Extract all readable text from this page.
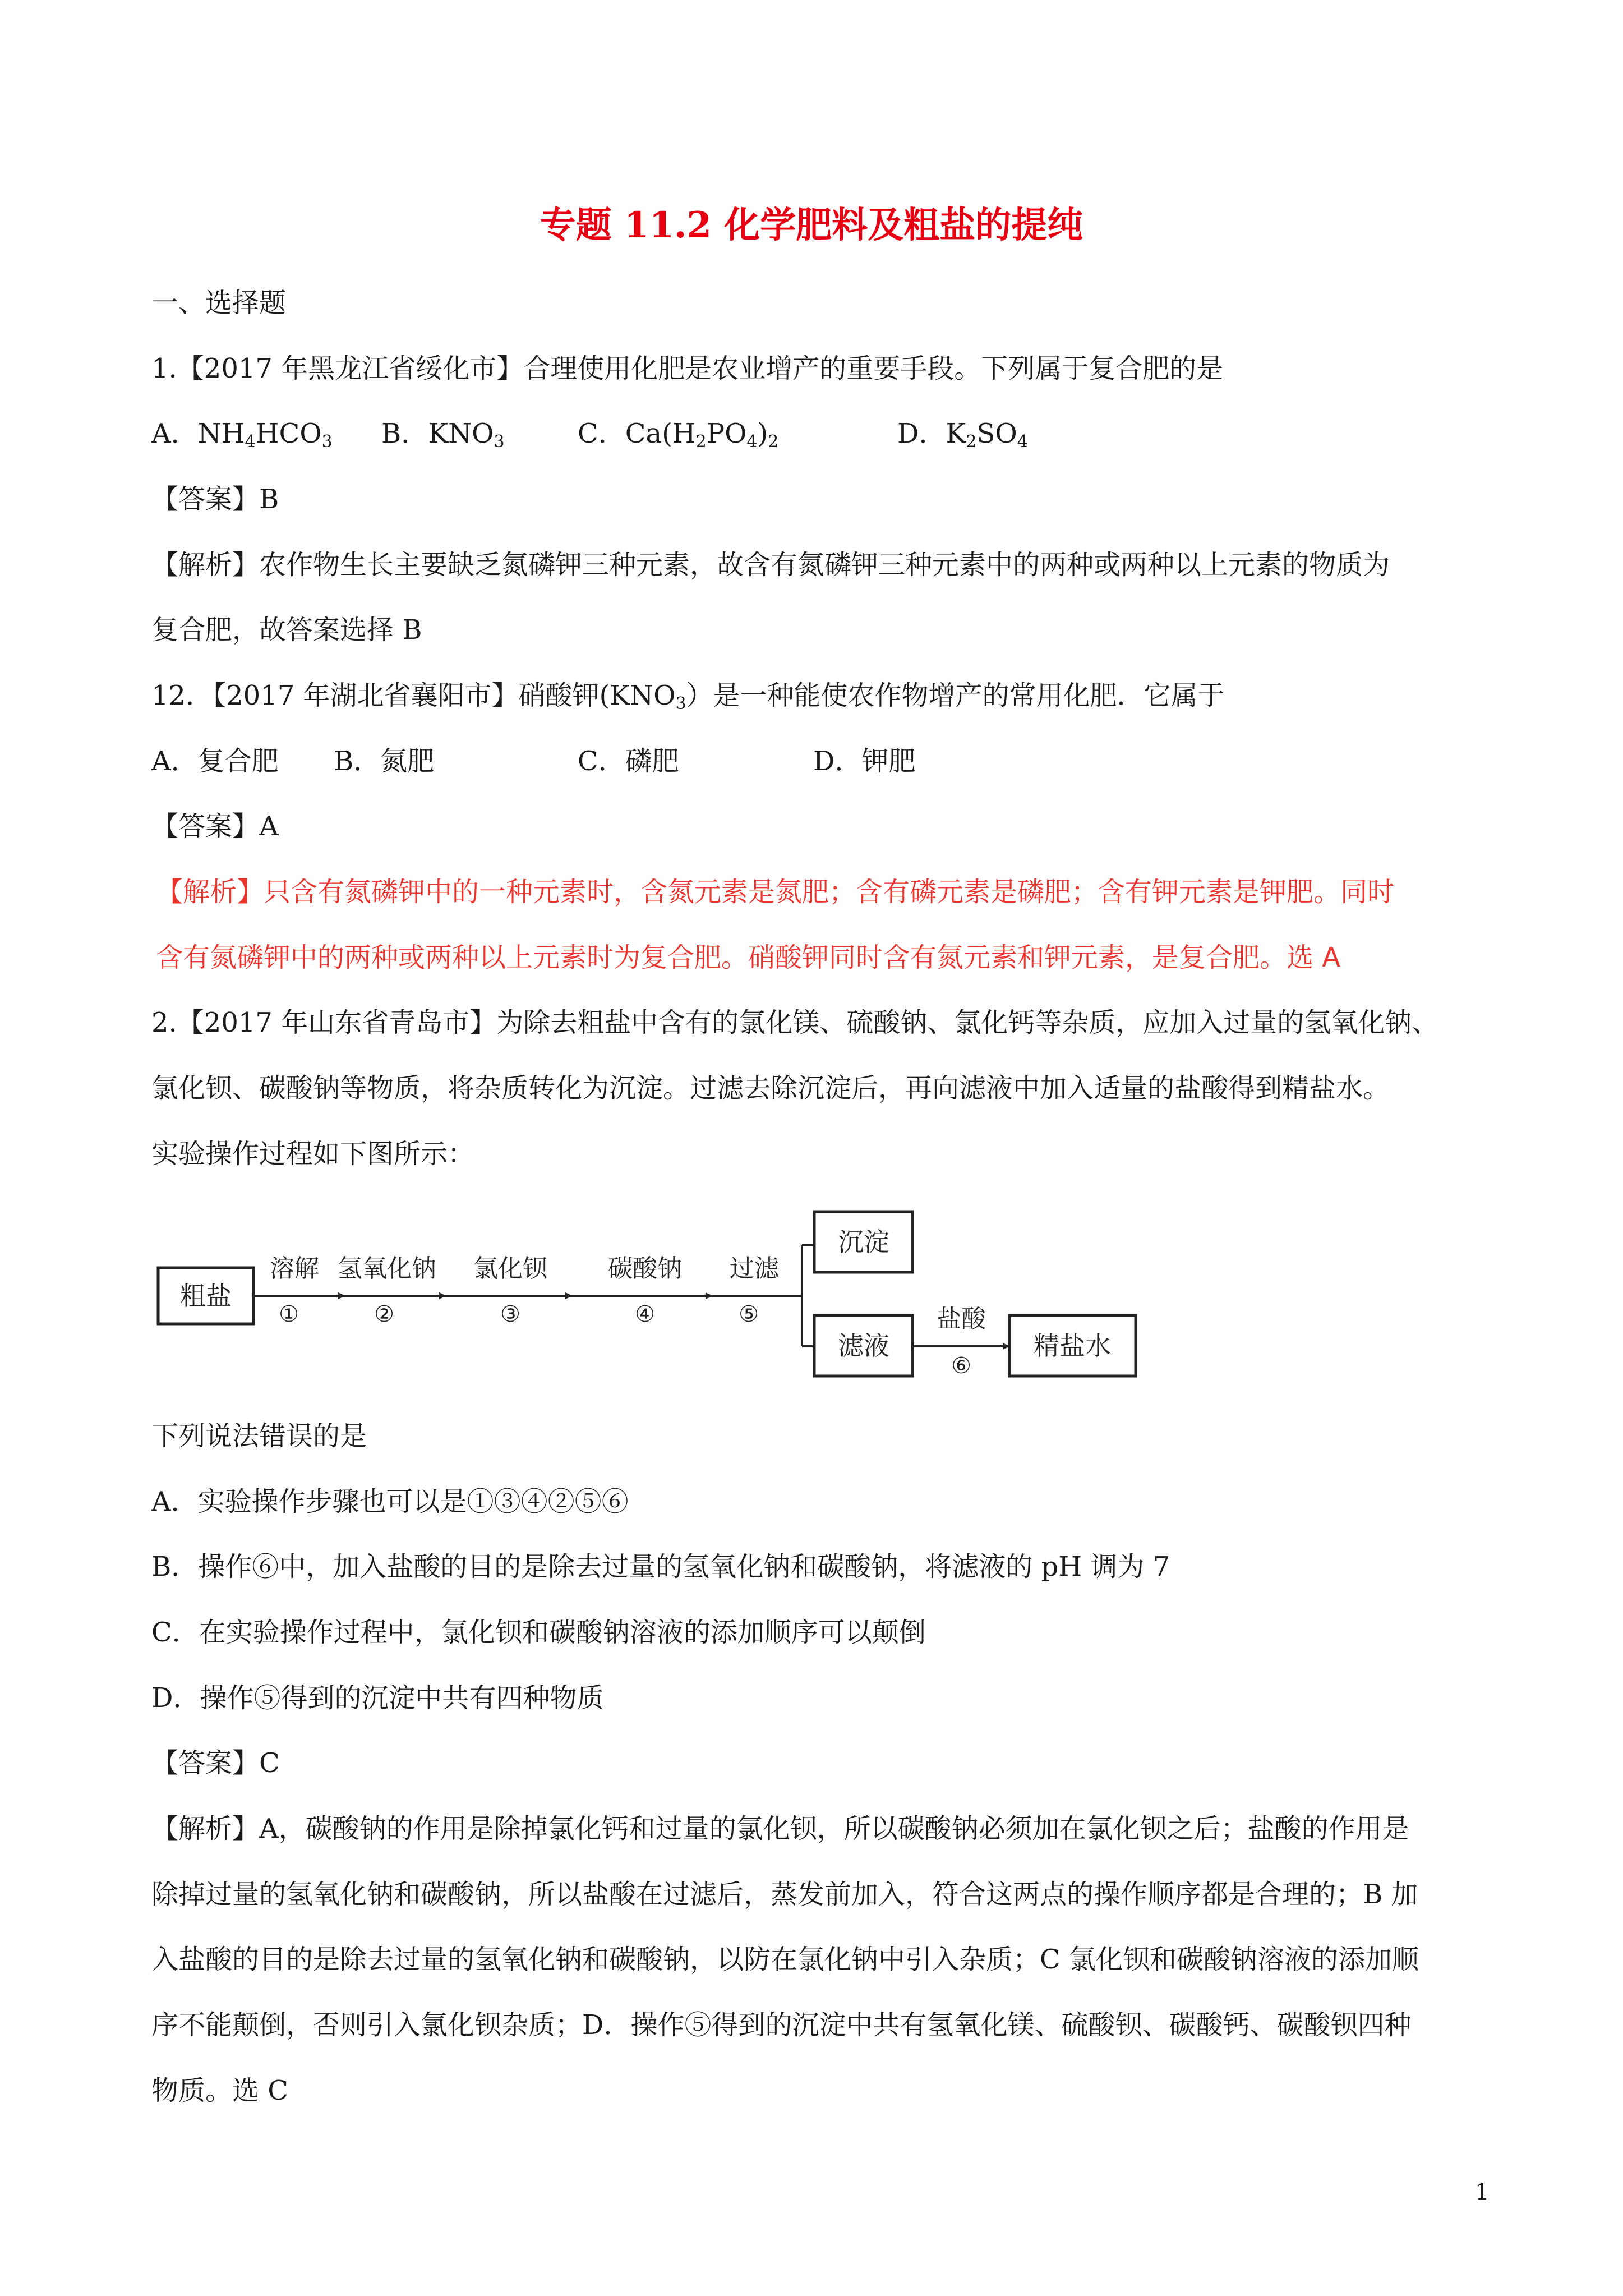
专题 11.2 化学肥料及粗盐的提纯
一、选择题
1.【2017 年黑龙江省绥化市】合理使用化肥是农业增产的重要手段。下列属于复合肥的是
A．$NH_4HCO_3$ B．$KNO_3$	C．$Ca(H_2PO_4)_2$	D．$K_2SO_4$
【答案】B
【解析】农作物生长主要缺乏氮磷钾三种元素，故含有氮磷钾三种元素中的两种或两种以上元素的物质为
复合肥，故答案选择 B
12．【2017 年湖北省襄阳市】硝酸钾$(KNO_3)$是一种能使农作物增产的常用化肥．它属于
A．复合肥 B．氮肥	C．磷肥	D．钾肥
【答案】A
【解析】只含有氮磷钾中的一种元素时，含氮元素是氮肥；含有磷元素是磷肥；含有钾元素是钾肥。同时
含有氮磷钾中的两种或两种以上元素时为复合肥。硝酸钾同时含有氮元素和钾元素，是复合肥。选 A
2.【2017 年山东省青岛市】为除去粗盐中含有的氯化镁、硫酸钠、氯化钙等杂质，应加入过量的氢氧化钠、
氯化钡、碳酸钠等物质，将杂质转化为沉淀。过滤去除沉淀后，再向滤液中加入适量的盐酸得到精盐水。
实验操作过程如下图所示：
粗盐
溶解
①
氢氧化钠
②
氯化钡
③
碳酸钠
④
过滤
⑤
沉淀
滤液
盐酸
⑥
精盐水
下列说法错误的是
A．实验操作步骤也可以是①③④②⑤⑥
B．操作⑥中，加入盐酸的目的是除去过量的氢氧化钠和碳酸钠，将滤液的 pH 调为 7
C．在实验操作过程中，氯化钡和碳酸钠溶液的添加顺序可以颠倒
D．操作⑤得到的沉淀中共有四种物质
【答案】C
【解析】A，碳酸钠的作用是除掉氯化钙和过量的氯化钡，所以碳酸钠必须加在氯化钡之后；盐酸的作用是
除掉过量的氢氧化钠和碳酸钠，所以盐酸在过滤后，蒸发前加入，符合这两点的操作顺序都是合理的；B 加
入盐酸的目的是除去过量的氢氧化钠和碳酸钠，以防在氯化钠中引入杂质；C 氯化钡和碳酸钠溶液的添加顺
序不能颠倒，否则引入氯化钡杂质；D．操作⑤得到的沉淀中共有氢氧化镁、硫酸钡、碳酸钙、碳酸钡四种
物质。选 C
1
